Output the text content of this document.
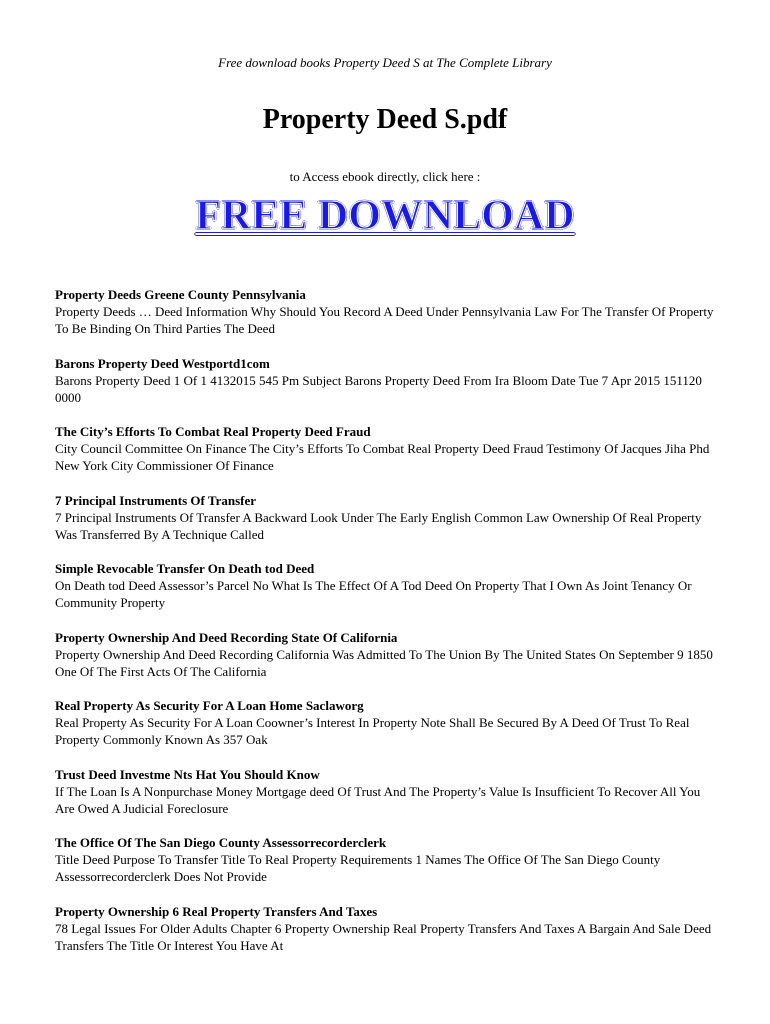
Free download books Property Deed S at The Complete Library
Property Deed S.pdf
to Access ebook directly, click here :
FREE DOWNLOAD
Property Deeds Greene County Pennsylvania

Property Deeds … Deed Information Why Should You Record A Deed Under Pennsylvania Law For The Transfer Of Property To Be Binding On Third Parties The Deed

Barons Property Deed Westportd1com

Barons Property Deed 1 Of 1 4132015 545 Pm Subject Barons Property Deed From Ira Bloom Date Tue 7 Apr 2015 151120 0000

The City’s Efforts To Combat Real Property Deed Fraud

City Council Committee On Finance The City’s Efforts To Combat Real Property Deed Fraud Testimony Of Jacques Jiha Phd New York City Commissioner Of Finance

7 Principal Instruments Of Transfer

7 Principal Instruments Of Transfer A Backward Look Under The Early English Common Law Ownership Of Real Property Was Transferred By A Technique Called

Simple Revocable Transfer On Death tod Deed

On Death tod Deed Assessor’s Parcel No What Is The Effect Of A Tod Deed On Property That I Own As Joint Tenancy Or Community Property

Property Ownership And Deed Recording State Of California

Property Ownership And Deed Recording California Was Admitted To The Union By The United States On September 9 1850 One Of The First Acts Of The California

Real Property As Security For A Loan Home Saclaworg

Real Property As Security For A Loan Coowner’s Interest In Property Note Shall Be Secured By A Deed Of Trust To Real Property Commonly Known As 357 Oak

Trust Deed Investme Nts Hat You Should Know

If The Loan Is A Nonpurchase Money Mortgage deed Of Trust And The Property’s Value Is Insufficient To Recover All You Are Owed A Judicial Foreclosure

The Office Of The San Diego County Assessorrecorderclerk

Title Deed Purpose To Transfer Title To Real Property Requirements 1 Names The Office Of The San Diego County Assessorrecorderclerk Does Not Provide

Property Ownership 6 Real Property Transfers And Taxes

78 Legal Issues For Older Adults Chapter 6 Property Ownership Real Property Transfers And Taxes A Bargain And Sale Deed Transfers The Title Or Interest You Have At
